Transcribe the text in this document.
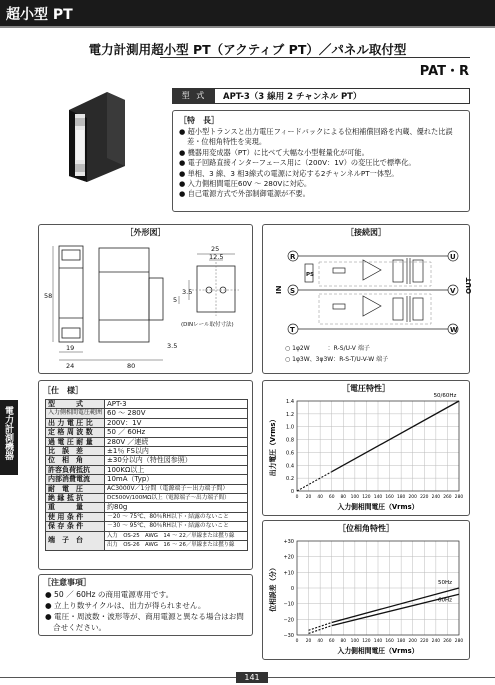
超小型 PT
電力計測用超小型 PT（アクティブ PT）／パネル取付型
PAT・R
型 式	APT-3（3 線用 2 チャンネル PT）
［特　長］
● 超小型トランスと出力電圧フィードバックによる位相補償回路を内蔵、優れた比誤差・位相角特性を実現。
● 機器用変成器（PT）に比べて大幅な小型軽量化が可能。
● 電子回路直接インターフェース用に（200V：1V）の変圧比で標準化。
● 単相、3 線、3 相3線式の電源に対応する2チャンネルPT一体型。
● 入力側相間電圧60V ～ 280Vに対応。
● 自己電源方式で外部制御電源が不要。
［外形図］
25
12.5
3.5
5
58
19
24
3.5
80
(DINレール取付寸法)
［接続図］
R
S
T
U
V
W
IN	OUT
PS
○ 1φ2W　　　：R-S/U-V 端子
○ 1φ3W、3φ3W：R-S-T/U-V-W 端子
［仕　様］
型　　　式	APT-3
入力側相間電圧範囲	60 ～ 280V
出 力 電 圧 比	200V：1V
定 格 周 波 数	50 ／ 60Hz
過 電 圧 耐 量	280V ／連続
比　誤　差	±1％ FS以内
位　相　角	±30分以内（特性図参照）
許容負荷抵抗	100KΩ以上
内部消費電流	10mA（Typ）
耐　電　圧	AC3000V／1分間（電源端子～出力端子間）
絶 縁 抵 抗	DC500V/100MΩ以上（電源端子～出力端子間）
重　　　量	約80g
使 用 条 件	－20 ～ 75℃、80％RH以下・結露のないこと
保 存 条 件	－30 ～ 95℃、80％RH以下・結露のないこと
端　子　台	入力　OS-25　AWG　14 ～ 22／単線または撚り線
	出力　OS-26　AWG　16 ～ 26／単線または撚り線
［注意事項］
● 50 ／ 60Hz の商用電源専用です。
● 立上り数サイクルは、出力が得られません。
● 電圧・周波数・波形等が、商用電源と異なる場合はお問合せください。
［電圧特性］
0 20 40 60 80 100 120 140 160 180 200 220 240 260 280
0
0.2
0.4
0.6
0.8
1.0
1.2
1.4
入力側相間電圧（Vrms）
出力電圧（Vrms）
50/60Hz
［位相角特性］
0 20 40 60 80 100 120 140 160 180 200 220 240 260 280
+30
+20
+10
0
−10
−20
−30
入力側相間電圧（Vrms）
位相誤差（分）	50Hz
60Hz
電力計測機器
141
